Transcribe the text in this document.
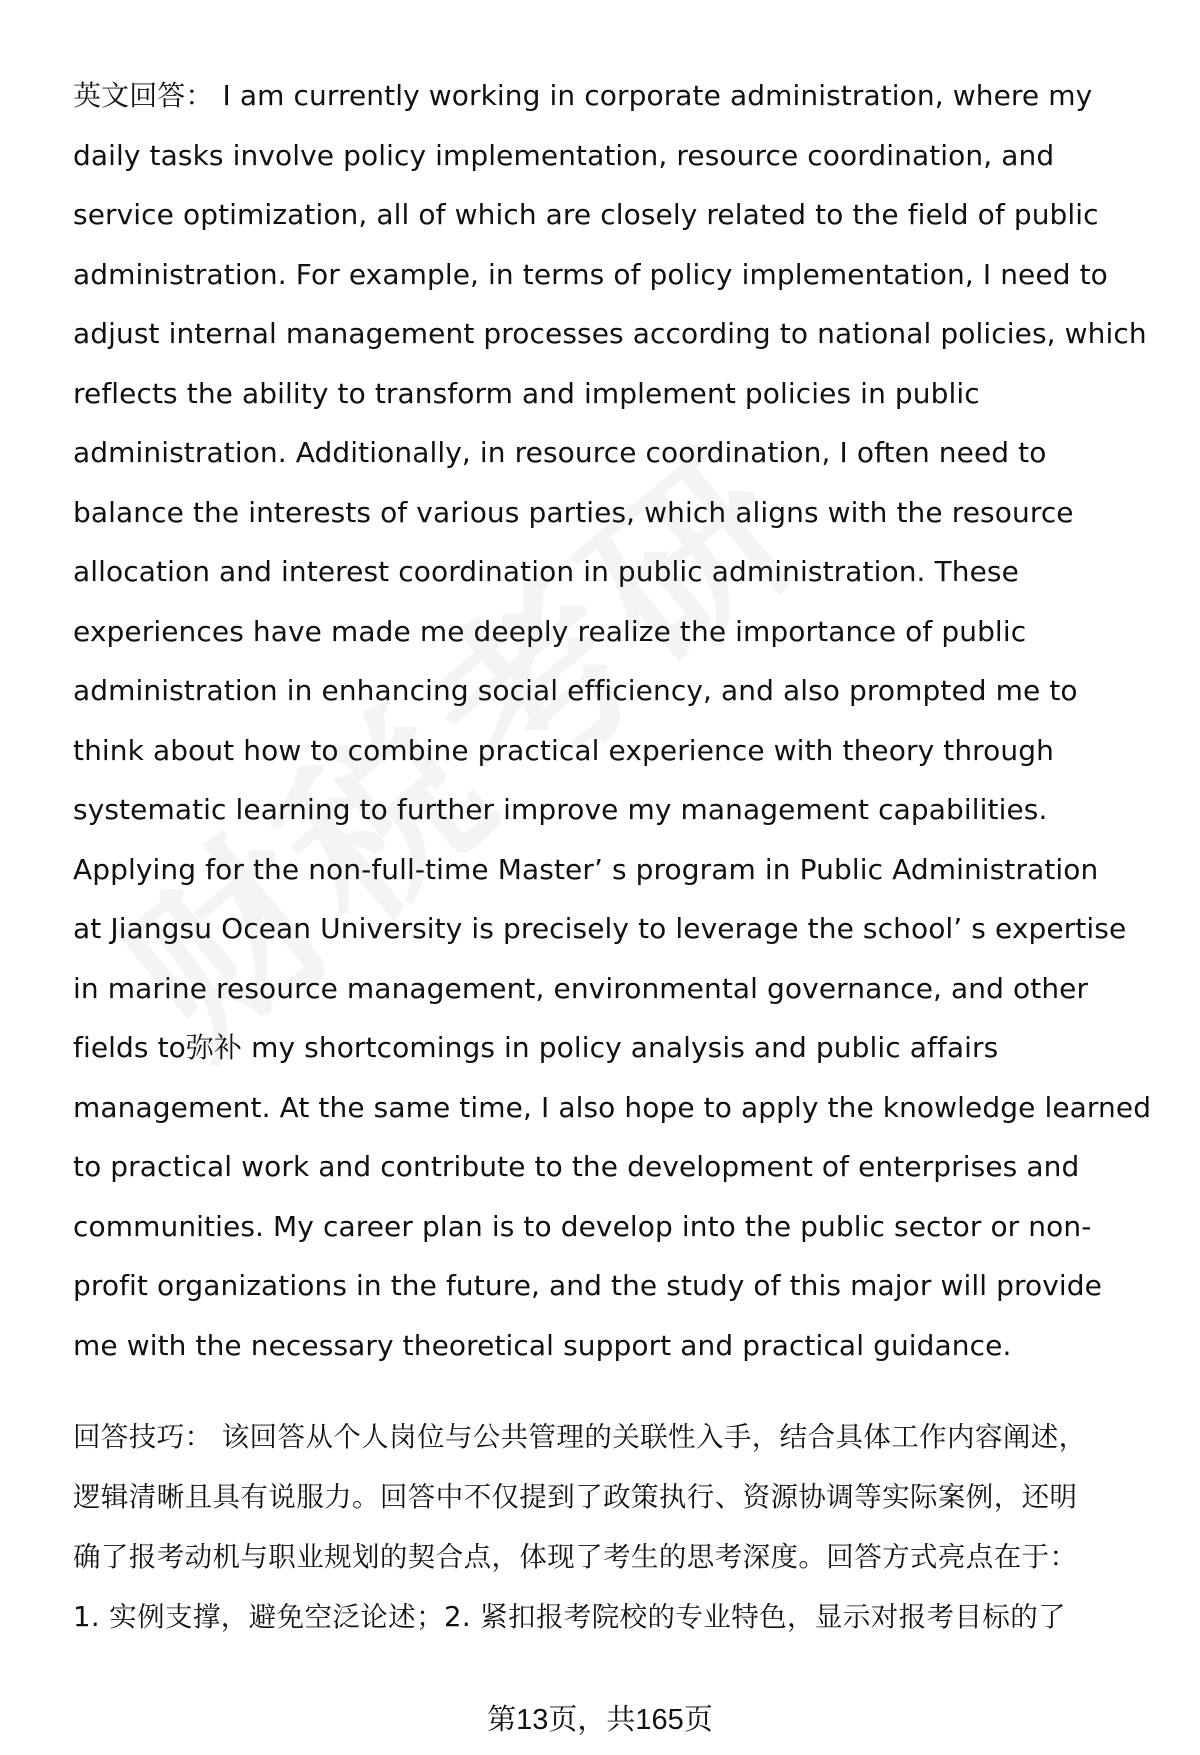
英文回答： I am currently working in corporate administration, where my
daily tasks involve policy implementation, resource coordination, and
service optimization, all of which are closely related to the field of public
administration. For example, in terms of policy implementation, I need to
adjust internal management processes according to national policies, which
reflects the ability to transform and implement policies in public
administration. Additionally, in resource coordination, I often need to
balance the interests of various parties, which aligns with the resource
allocation and interest coordination in public administration. These
experiences have made me deeply realize the importance of public
administration in enhancing social efficiency, and also prompted me to
think about how to combine practical experience with theory through
systematic learning to further improve my management capabilities.
Applying for the non-full-time Master’ s program in Public Administration
at Jiangsu Ocean University is precisely to leverage the school’ s expertise
in marine resource management, environmental governance, and other
fields to弥补 my shortcomings in policy analysis and public affairs
management. At the same time, I also hope to apply the knowledge learned
to practical work and contribute to the development of enterprises and
communities. My career plan is to develop into the public sector or non-
profit organizations in the future, and the study of this major will provide
me with the necessary theoretical support and practical guidance.
回答技巧： 该回答从个人岗位与公共管理的关联性入手，结合具体工作内容阐述，
逻辑清晰且具有说服力。回答中不仅提到了政策执行、资源协调等实际案例，还明
确了报考动机与职业规划的契合点，体现了考生的思考深度。回答方式亮点在于：
1. 实例支撑，避免空泛论述；2. 紧扣报考院校的专业特色，显示对报考目标的了
第13页，共165页
